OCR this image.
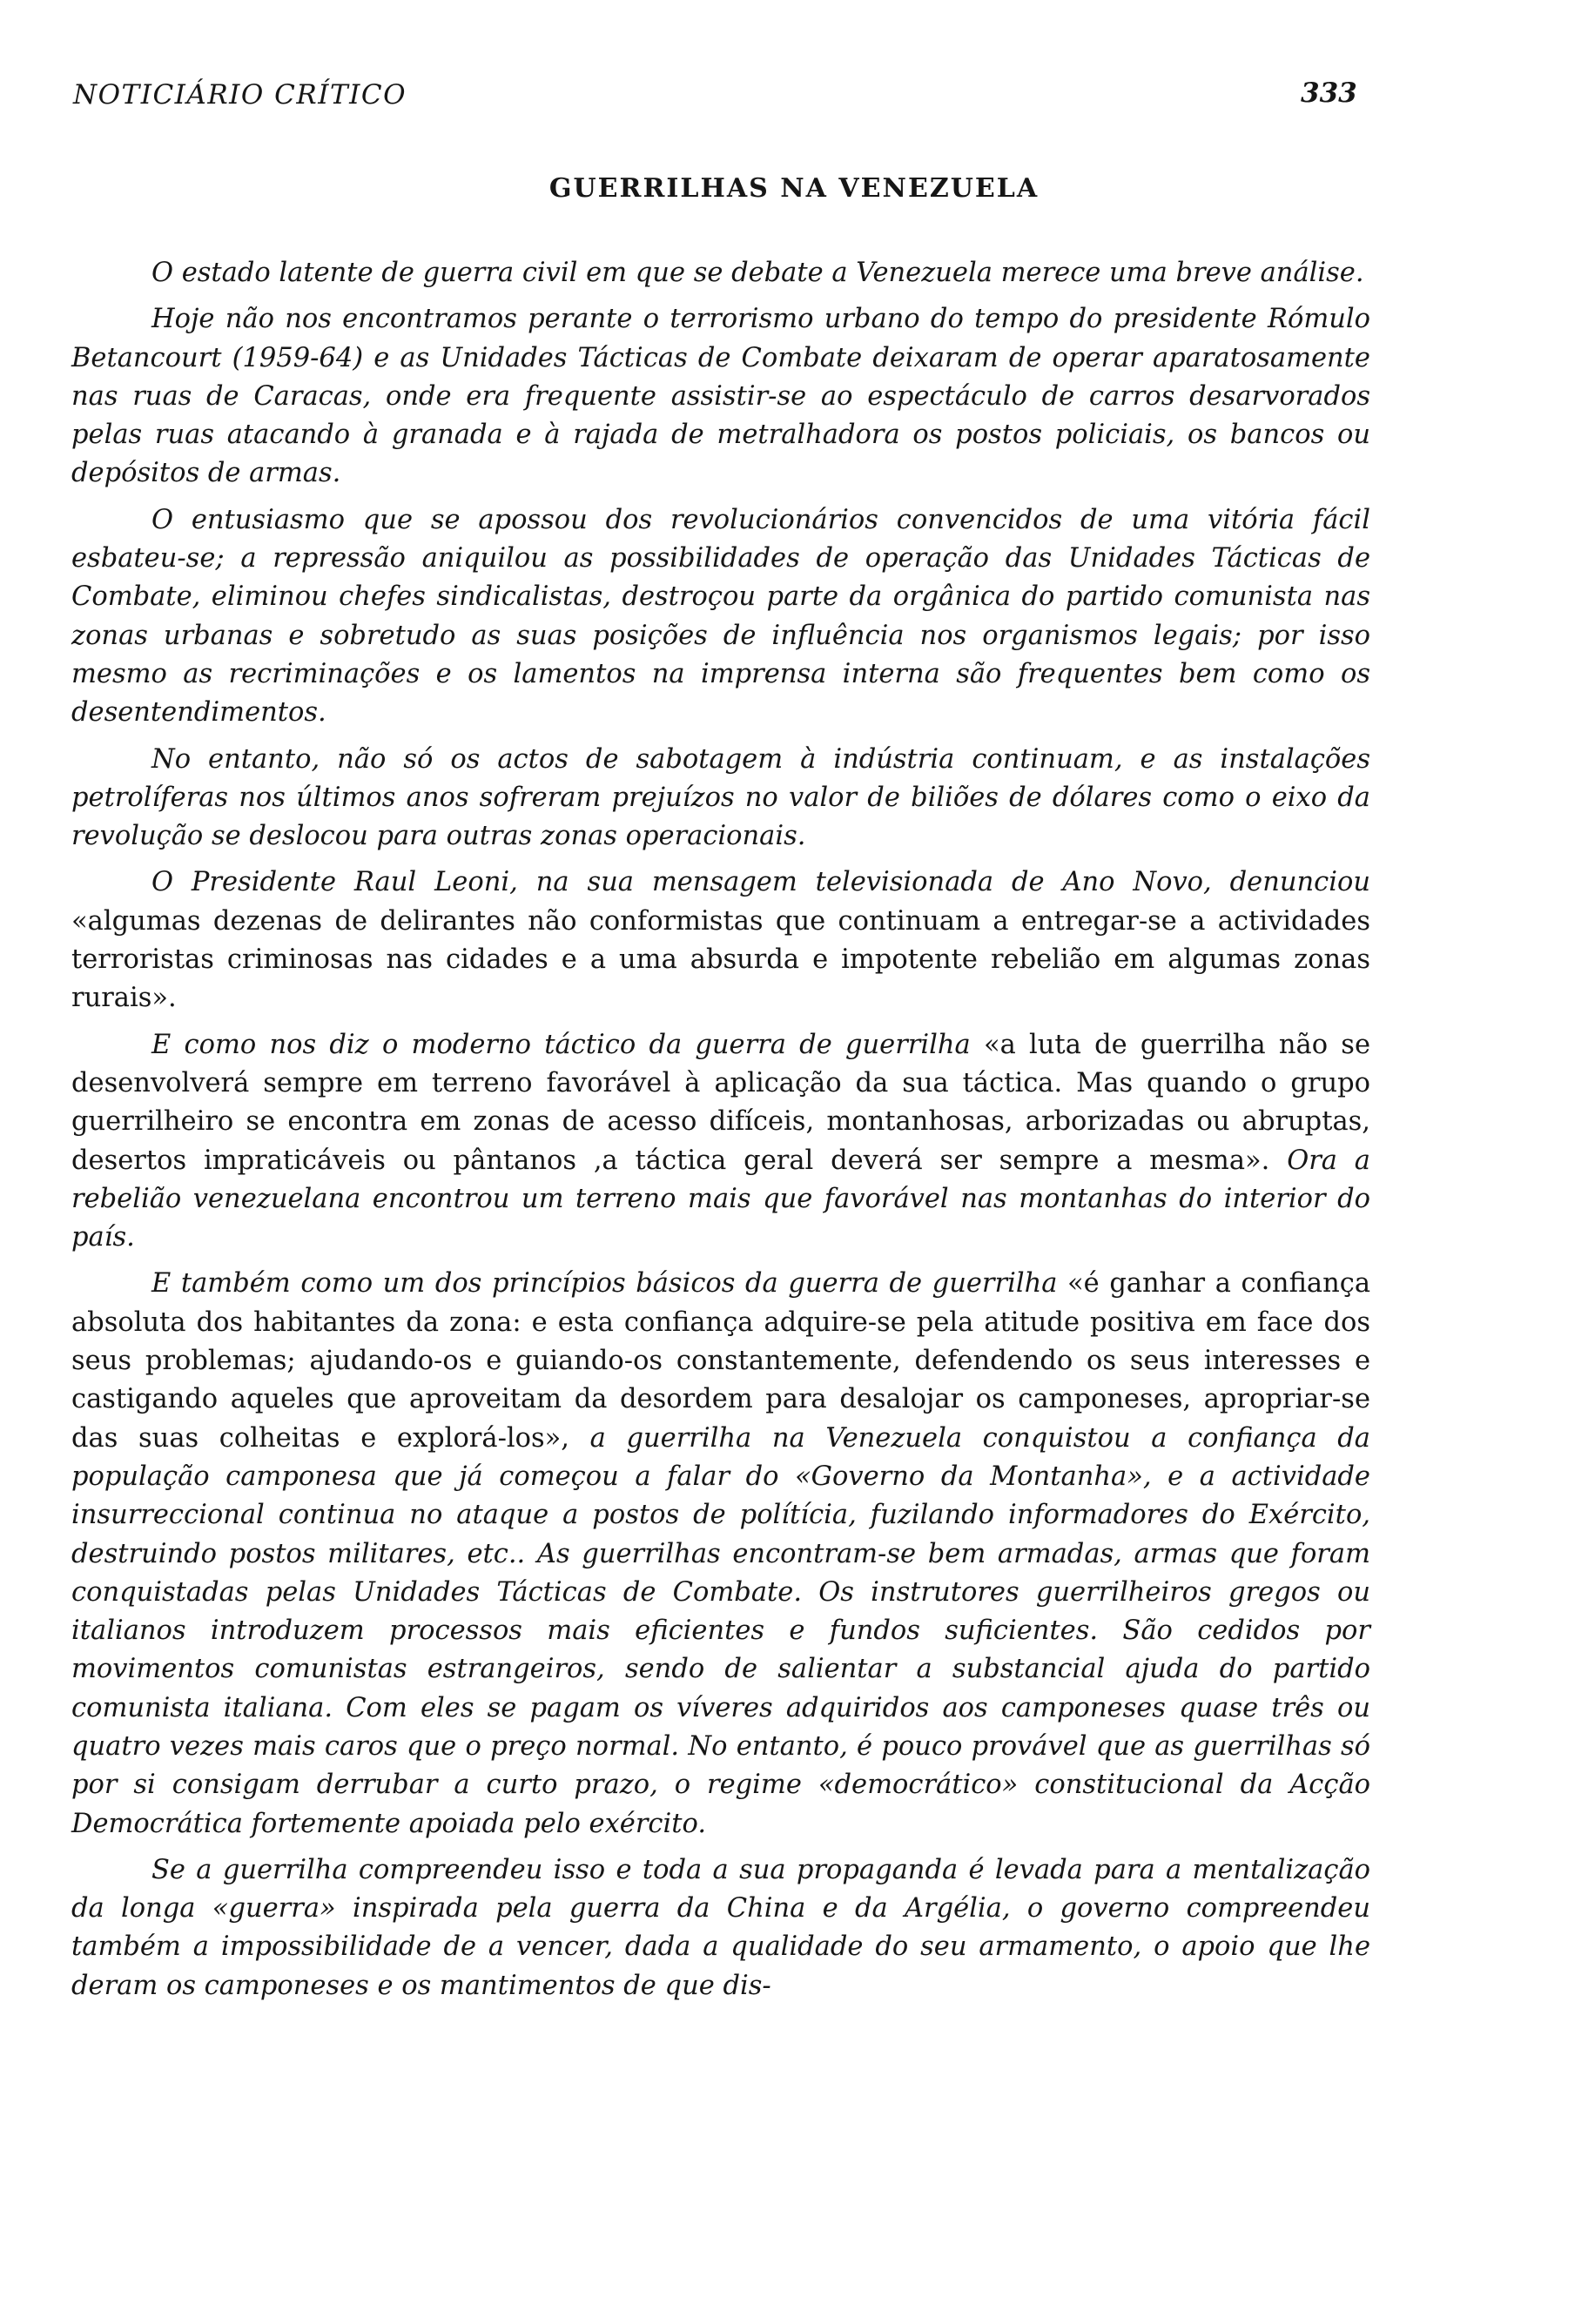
NOTICIÁRIO CRÍTICO	333
GUERRILHAS NA VENEZUELA

O estado latente de guerra civil em que se debate a Venezuela merece uma breve análise.

Hoje não nos encontramos perante o terrorismo urbano do tempo do presidente Rómulo Betancourt (1959-64) e as Unidades Tácticas de Combate deixaram de operar aparatosamente nas ruas de Caracas, onde era frequente assistir-se ao espectáculo de carros desarvorados pelas ruas atacando à granada e à rajada de metralhadora os postos policiais, os bancos ou depósitos de armas.

O entusiasmo que se apossou dos revolucionários convencidos de uma vitória fácil esbateu-se; a repressão aniquilou as possibilidades de operação das Unidades Tácticas de Combate, eliminou chefes sindicalistas, destroçou parte da orgânica do partido comunista nas zonas urbanas e sobretudo as suas posições de influência nos organismos legais; por isso mesmo as recriminações e os lamentos na imprensa interna são frequentes bem como os desentendimentos.

No entanto, não só os actos de sabotagem à indústria continuam, e as instalações petrolíferas nos últimos anos sofreram prejuízos no valor de biliões de dólares como o eixo da revolução se deslocou para outras zonas operacionais.

O Presidente Raul Leoni, na sua mensagem televisionada de Ano Novo, denunciou «algumas dezenas de delirantes não conformistas que continuam a entregar-se a actividades terroristas criminosas nas cidades e a uma absurda e impotente rebelião em algumas zonas rurais».

E como nos diz o moderno táctico da guerra de guerrilha «a luta de guerrilha não se desenvolverá sempre em terreno favorável à aplicação da sua táctica. Mas quando o grupo guerrilheiro se encontra em zonas de acesso difíceis, montanhosas, arborizadas ou abruptas, desertos impraticáveis ou pântanos ,a táctica geral deverá ser sempre a mesma». Ora a rebelião venezuelana encontrou um terreno mais que favorável nas montanhas do interior do país.

E também como um dos princípios básicos da guerra de guerrilha «é ganhar a confiança absoluta dos habitantes da zona: e esta confiança adquire-se pela atitude positiva em face dos seus problemas; ajudando-os e guiando-os constantemente, defendendo os seus interesses e castigando aqueles que aproveitam da desordem para desalojar os camponeses, apropriar-se das suas colheitas e explorá-los», a guerrilha na Venezuela conquistou a confiança da população camponesa que já começou a falar do «Governo da Montanha», e a actividade insurreccional continua no ataque a postos de polítícia, fuzilando informadores do Exército, destruindo postos militares, etc.. As guerrilhas encontram-se bem armadas, armas que foram conquistadas pelas Unidades Tácticas de Combate. Os instrutores guerrilheiros gregos ou italianos introduzem processos mais eficientes e fundos suficientes. São cedidos por movimentos comunistas estrangeiros, sendo de salientar a substancial ajuda do partido comunista italiana. Com eles se pagam os víveres adquiridos aos camponeses quase três ou quatro vezes mais caros que o preço normal. No entanto, é pouco provável que as guerrilhas só por si consigam derrubar a curto prazo, o regime «democrático» constitucional da Acção Democrática fortemente apoiada pelo exército.

Se a guerrilha compreendeu isso e toda a sua propaganda é levada para a mentalização da longa «guerra» inspirada pela guerra da China e da Argélia, o governo compreendeu também a impossibilidade de a vencer, dada a qualidade do seu armamento, o apoio que lhe deram os camponeses e os mantimentos de que dis-
